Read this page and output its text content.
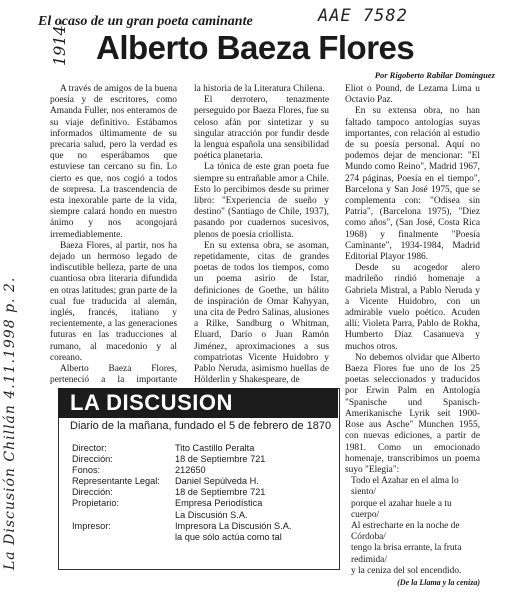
El ocaso de un gran poeta caminante	AAE 7582
Alberto Baeza Flores
1914-
La Discusión Chillán 4.11.1998 p. 2.
Por Rigoberto Rabilar Domínguez

A través de amigos de la buena poesía y de escritores, como Amanda Fuller, nos enteramos de su viaje definitivo. Estábamos informados últimamente de su precaria salud, pero la verdad es que no esperábamos que estuviese tan cercano su fin. Lo cierto es que, nos cogió a todos de sorpresa. La trascendencia de esta inexorable parte de la vida, siempre calará hondo en nuestro ánimo y nos acongojará irremediablemente.

Baeza Flores, al partir, nos ha dejado un hermoso legado de indiscutible belleza, parte de una cuantiosa obra literaria difundida en otras latitudes; gran parte de la cual fue traducida al alemán, inglés, francés, italiano y recientemente, a las generaciones futuras en las traducciones al rumano, al macedonio y al coreano.

Alberto Baeza Flores, perteneció a la importante

la historia de la Literatura Chilena.

El derrotero, tenazmente perseguido por Baeza Flores, fue su celoso afán por sintetizar y su singular atracción por fundir desde la lengua española una sensibilidad poética planetaria.

La tónica de este gran poeta fue siempre su entrañable amor a Chile. Esto lo percibimos desde su primer libro: "Experiencia de sueño y destino" (Santiago de Chile, 1937), pasando por cuadernos sucesivos, plenos de poesía criollista.

En su extensa obra, se asoman, repetidamente, citas de grandes poetas de todos los tiempos, como un poema asirio de Istar, definiciones de Goethe, un hálito de inspiración de Omar Kahyyan, una cita de Pedro Salinas, alusiones a Rilke, Sandburg o Whitman, Eluard, Darío o Juan Ramón Jiménez, aproximaciones a sus compatriotas Vicente Huidobro y Pablo Neruda, asimismo huellas de Hölderlin y Shakespeare, de

Eliot o Pound, de Lezama Lima u Octavio Paz.

En su extensa obra, no han faltado tampoco antologías suyas importantes, con relación al estudio de su poesía personal. Aquí no podemos dejar de mencionar: "El Mundo como Reino", Madrid 1967, 274 páginas, Poesía en el tiempo", Barcelona y San José 1975, que se complementa con: "Odisea sin Patria", (Barcelona 1975), "Diez como años", (San José, Costa Rica 1968) y finalmente "Poesía Caminante", 1934-1984, Madrid Editorial Playor 1986.

Desde su acogedor alero madrileño rindió homenaje a Gabriela Mistral, a Pablo Neruda y a Vicente Huidobro, con un admirable vuelo poético. Acuden allí: Violeta Parra, Pablo de Rokha, Humberto Díaz Casanueva y muchos otros.

No debemos olvidar que Alberto Baeza Flores fue uno de los 25 poetas seleccionados y traducidos por Erwin Palm en Antología "Spanische und Spanisch-Amerikanische Lyrik seit 1900- Rose aus Asche" Munchen 1955, con nuevas ediciones, a partir de 1981. Como un emocionado homenaje, transcribimos un poema suyo "Elegía":

Todo el Azahar en el alma lo siento/

porque el azahar huele a tu cuerpo/

Al estrecharte en la noche de Córdoba/

tengo la brisa errante, la fruta redimida/

y la ceniza del sol encendido.

(De la Llama y la ceniza)
LA DISCUSION
Diario de la mañana, fundado el 5 de febrero de 1870
Director:	Tito Castillo Peralta
Dirección:	18 de Septiembre 721
Fonos:	212650
Representante Legal:	Daniel Sepúlveda H.
Dirección:	18 de Septiembre 721
Propietario:	Empresa Periodística
La Discusión S.A.
Impresor:	Impresora La Discusión S.A.
la que sólo actúa como tal
